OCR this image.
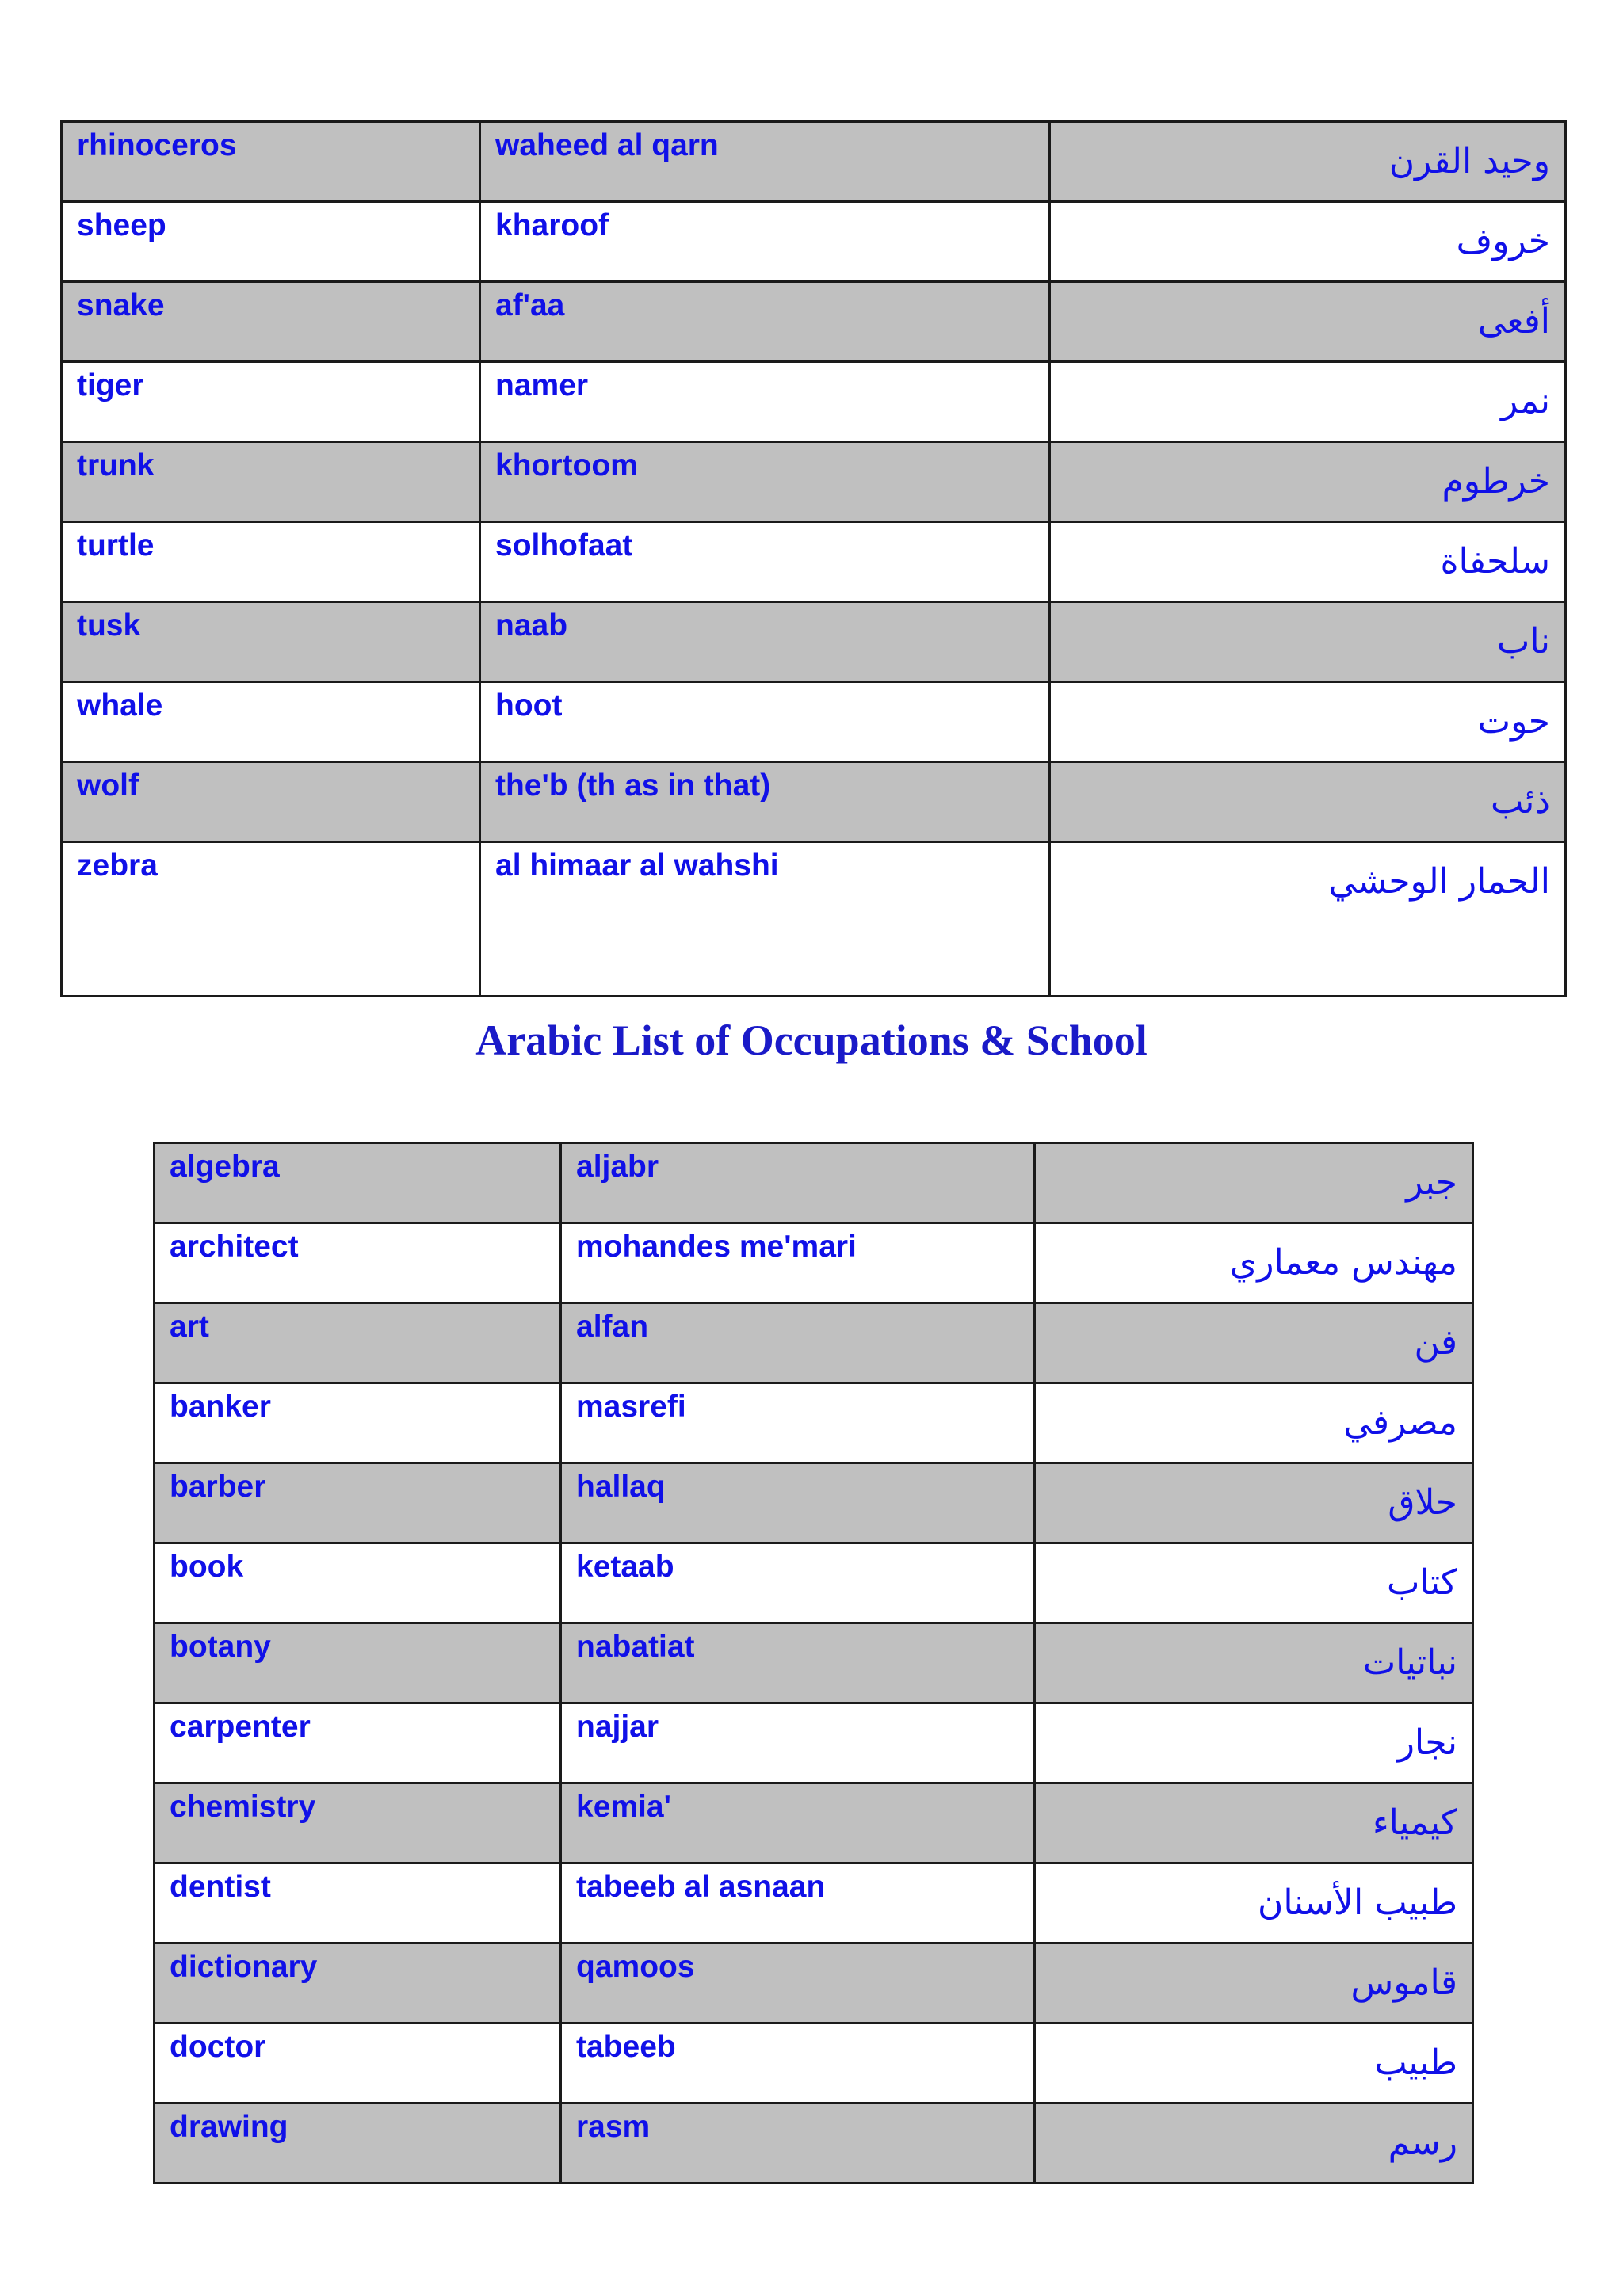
rhinoceros	waheed al qarn	وحيد القرن
sheep	kharoof	خروف
snake	af'aa	أفعى
tiger	namer	نمر
trunk	khortoom	خرطوم
turtle	solhofaat	سلحفاة
tusk	naab	ناب
whale	hoot	حوت
wolf	the'b (th as in that)	ذئب
zebra	al himaar al wahshi	الحمار الوحشي
Arabic List of Occupations & School
algebra	aljabr	جبر
architect	mohandes me'mari	مهندس معماري
art	alfan	فن
banker	masrefi	مصرفي
barber	hallaq	حلاق
book	ketaab	كتاب
botany	nabatiat	نباتيات
carpenter	najjar	نجار
chemistry	kemia'	كيمياء
dentist	tabeeb al asnaan	طبيب الأسنان
dictionary	qamoos	قاموس
doctor	tabeeb	طبيب
drawing	rasm	رسم
